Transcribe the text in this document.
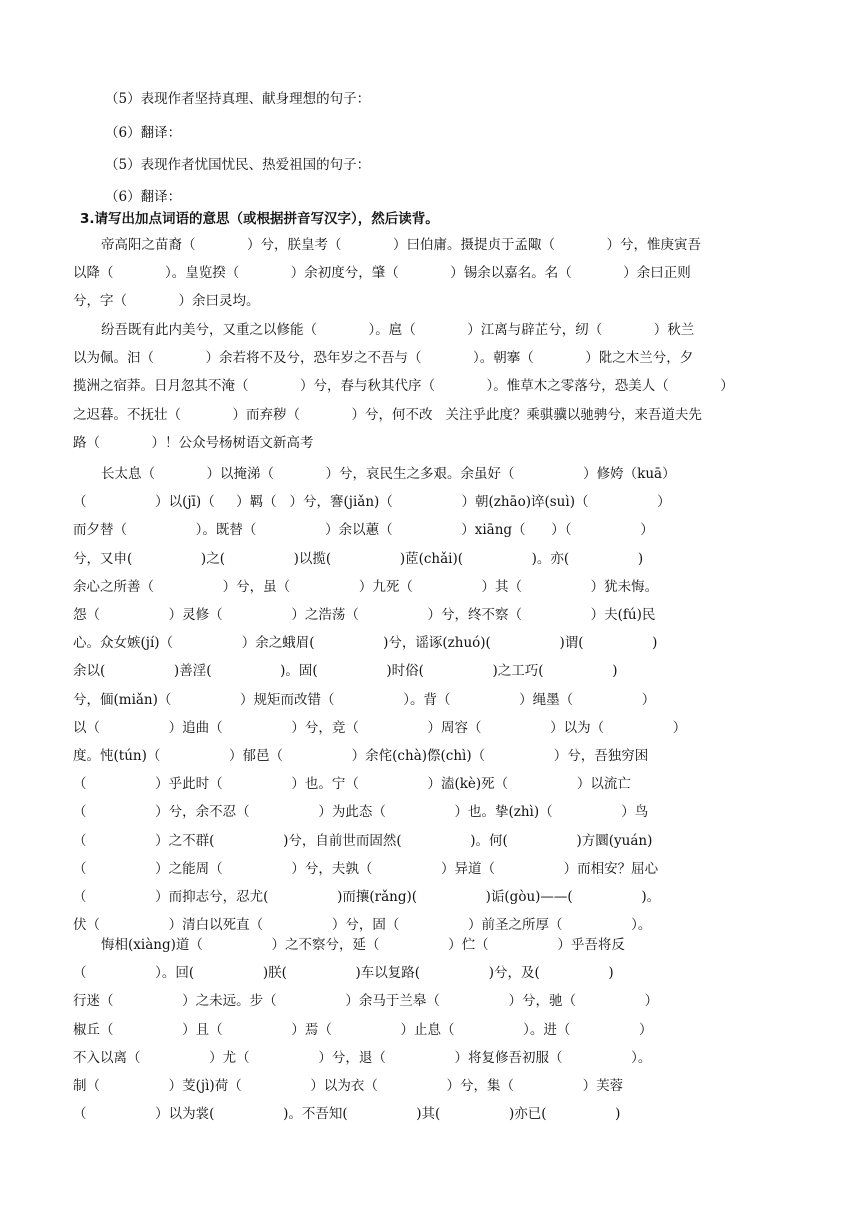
（5）表现作者坚持真理、献身理想的句子：
（6）翻译：
（5）表现作者忧国忧民、热爱祖国的句子：
（6）翻译：
3.请写出加点词语的意思（或根据拼音写汉字），然后读背。
帝高阳之苗裔（            ）兮，朕皇考（            ）曰伯庸。摄提贞于孟陬（            ）兮，惟庚寅吾
以降（            ）。皇览揆（            ）余初度兮，肇（            ）锡余以嘉名。名（            ）余曰正则
兮，字（            ）余曰灵均。
纷吾既有此内美兮，又重之以修能（            ）。扈（            ）江离与辟芷兮，纫（            ）秋兰
以为佩。汩（            ）余若将不及兮，恐年岁之不吾与（            ）。朝搴（            ）阰之木兰兮，夕
揽洲之宿莽。日月忽其不淹（            ）兮，春与秋其代序（            ）。惟草木之零落兮，恐美人（            ）
之迟暮。不抚壮（            ）而弃秽（            ）兮，何不改   关注乎此度？乘骐骥以驰骋兮，来吾道夫先
路（            ）！公众号杨树语文新高考
长太息（            ）以掩涕（            ）兮，哀民生之多艰。余虽好（                ）修姱（kuā）
（                ）以(jī)（     ）羁（   ）兮，謇(jiǎn)（                ）朝(zhāo)谇(suì)（                ）
而夕替（                ）。既替（                ）余以蕙（                ）xiāng（      ）（                ）
兮，又申(                )之(                )以揽(                )茝(chǎi)(                )。亦(                )
余心之所善（                ）兮，虽（                ）九死（                ）其（                ）犹未悔。
怨（                ）灵修（                ）之浩荡（                ）兮，终不察（                ）夫(fú)民
心。众女嫉(jí)（                ）余之蛾眉(                )兮，谣诼(zhuó)(                )谓(                )
余以(                )善淫(                )。固(                )时俗(                )之工巧(                )
兮，偭(miǎn)（                ）规矩而改错（                ）。背（                ）绳墨（                ）
以（                ）追曲（                ）兮，竞（                ）周容（                ）以为（                ）
度。忳(tún)（                ）郁邑（                ）余侘(chà)傺(chì)（                ）兮，吾独穷困
（                ）乎此时（                ）也。宁（                ）溘(kè)死（                ）以流亡
（                ）兮，余不忍（                ）为此态（                ）也。挚(zhì)（                ）鸟
（                ）之不群(                )兮，自前世而固然(                )。何(                )方圜(yuán)
（                ）之能周（                ）兮，夫孰（                ）异道（                ）而相安？屈心
（                ）而抑志兮，忍尤(                )而攘(rǎng)(                )诟(gòu)——(                )。
伏（                ）清白以死直（                ）兮，固（                ）前圣之所厚（                ）。
悔相(xiàng)道（                ）之不察兮，延（                ）伫（                ）乎吾将反
（                ）。回(                )朕(                )车以复路(                )兮，及(                )
行迷（                ）之未远。步（                ）余马于兰皋（                ）兮，驰（                ）
椒丘（                ）且（                ）焉（                ）止息（                ）。进（                ）
不入以离（                ）尤（                ）兮，退（                ）将复修吾初服（                ）。
制（                ）芰(jì)荷（                ）以为衣（                ）兮，集（                ）芙蓉
（                ）以为裳(                )。不吾知(                )其(                )亦已(                )
